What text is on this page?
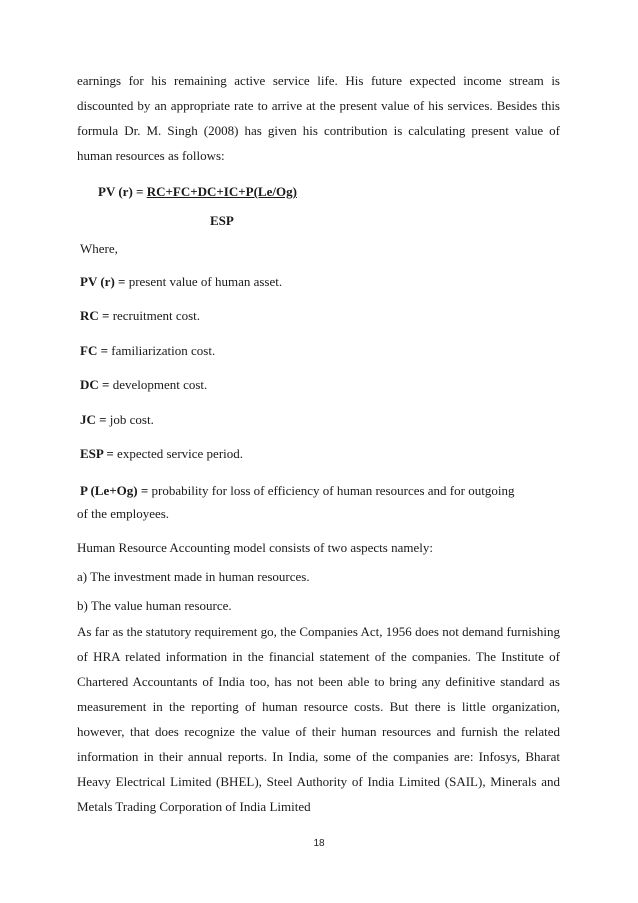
earnings for his remaining active service life. His future expected income stream is discounted by an appropriate rate to arrive at the present value of his services. Besides this formula Dr. M. Singh (2008) has given his contribution is calculating present value of human resources as follows:

PV (r) = RC+FC+DC+IC+P(Le/Og)
ESP
Where,
PV (r) = present value of human asset.
RC = recruitment cost.
FC = familiarization cost.
DC = development cost.
JC = job cost.
ESP = expected service period.
P (Le+Og) = probability for loss of efficiency of human resources and for outgoing
of the employees.
Human Resource Accounting model consists of two aspects namely:
a) The investment made in human resources.
b) The value human resource.

As far as the statutory requirement go, the Companies Act, 1956 does not demand furnishing of HRA related information in the financial statement of the companies. The Institute of Chartered Accountants of India too, has not been able to bring any definitive standard as measurement in the reporting of human resource costs. But there is little organization, however, that does recognize the value of their human resources and furnish the related information in their annual reports. In India, some of the companies are: Infosys, Bharat Heavy Electrical Limited (BHEL), Steel Authority of India Limited (SAIL), Minerals and Metals Trading Corporation of India Limited

18
